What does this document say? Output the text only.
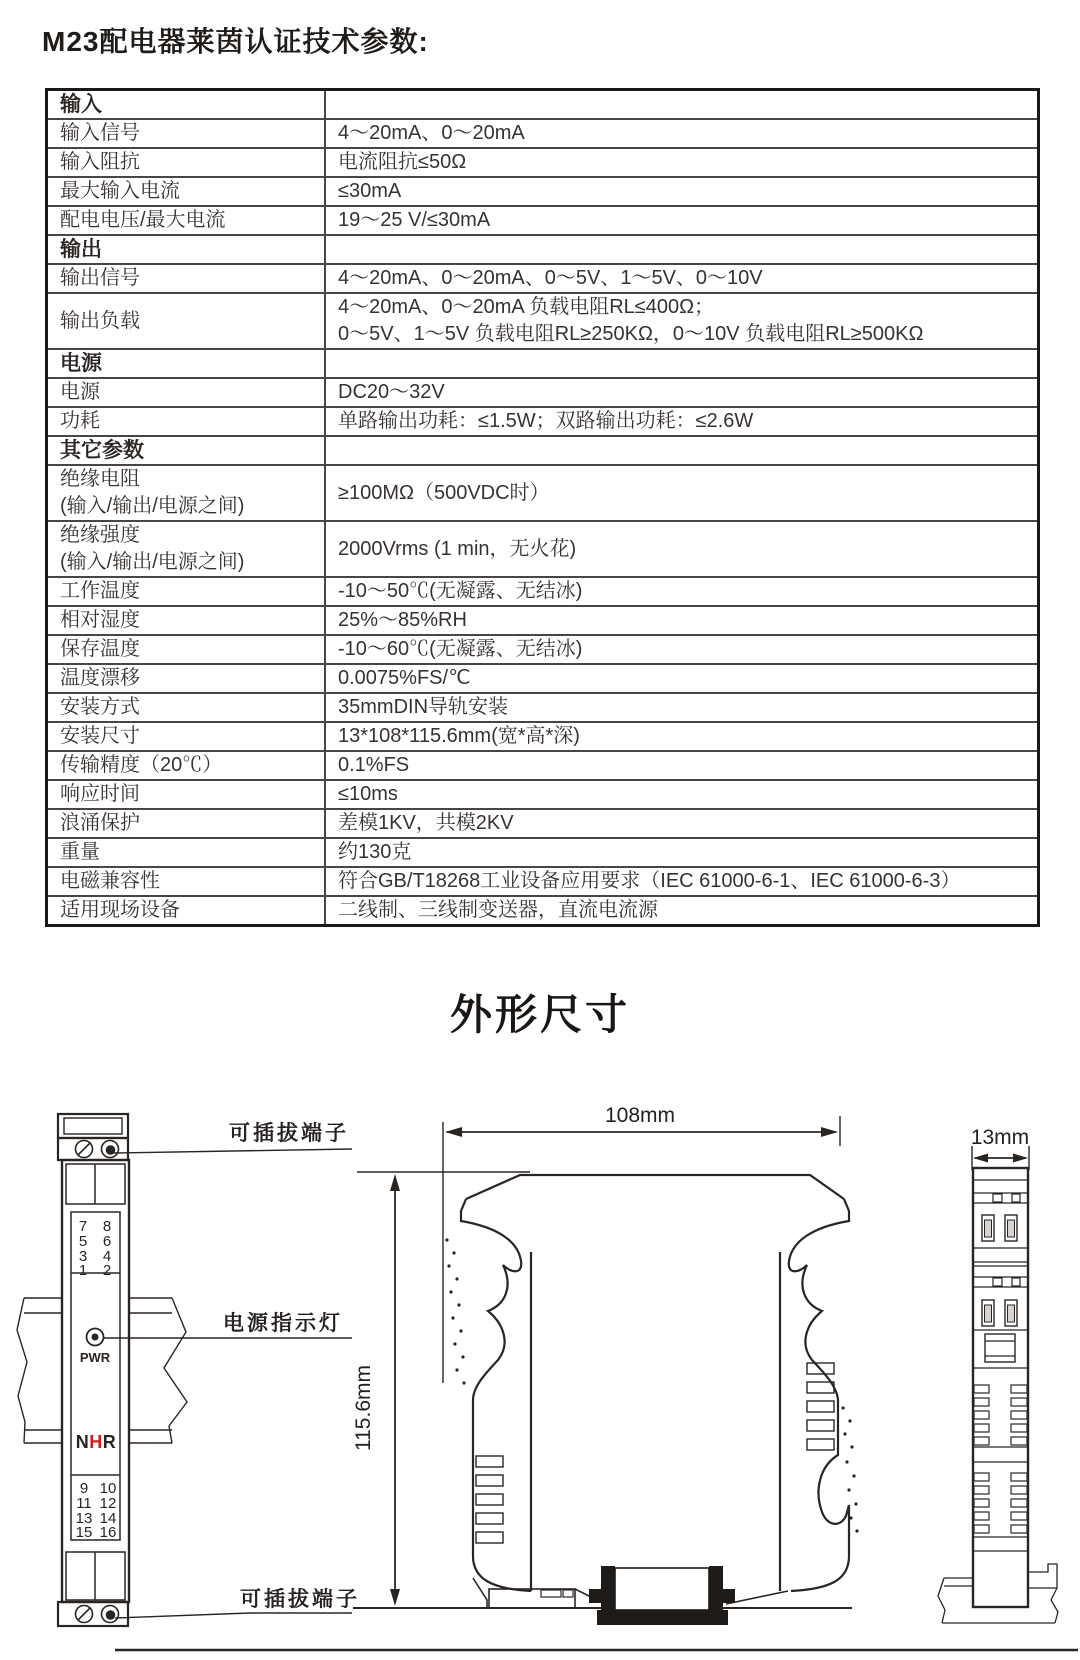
M23配电器莱茵认证技术参数:
输入	

输入信号	4～20mA、0～20mA

输入阻抗	电流阻抗≤50Ω

最大输入电流	≤30mA

配电电压/最大电流	19～25 V/≤30mA

输出	

输出信号	4～20mA、0～20mA、0～5V、1～5V、0～10V

输出负载	4～20mA、0～20mA 负载电阻RL≤400Ω；
0～5V、1～5V 负载电阻RL≥250KΩ，0～10V 负载电阻RL≥500KΩ

电源	

电源	DC20～32V

功耗	单路输出功耗：≤1.5W；双路输出功耗：≤2.6W

其它参数	

绝缘电阻
(输入/输出/电源之间)	≥100MΩ（500VDC时）

绝缘强度
(输入/输出/电源之间)	2000Vrms (1 min，无火花)

工作温度	-10～50℃(无凝露、无结冰)

相对湿度	25%～85%RH

保存温度	-10～60℃(无凝露、无结冰)

温度漂移	0.0075%FS/℃

安装方式	35mmDIN导轨安装

安装尺寸	13*108*115.6mm(宽*高*深)

传输精度（20℃）	0.1%FS

响应时间	≤10ms

浪涌保护	差模1KV，共模2KV

重量	约130克

电磁兼容性	符合GB/T18268工业设备应用要求（IEC 61000-6-1、IEC 61000-6-3）

适用现场设备	二线制、三线制变送器，直流电流源
外形尺寸
7 8
5 6
3 4
1 2
PWR
NHR
9 10
11 12
13 14
15 16
可插拔端子
电源指示灯
可插拔端子
108mm
115.6mm
13mm
